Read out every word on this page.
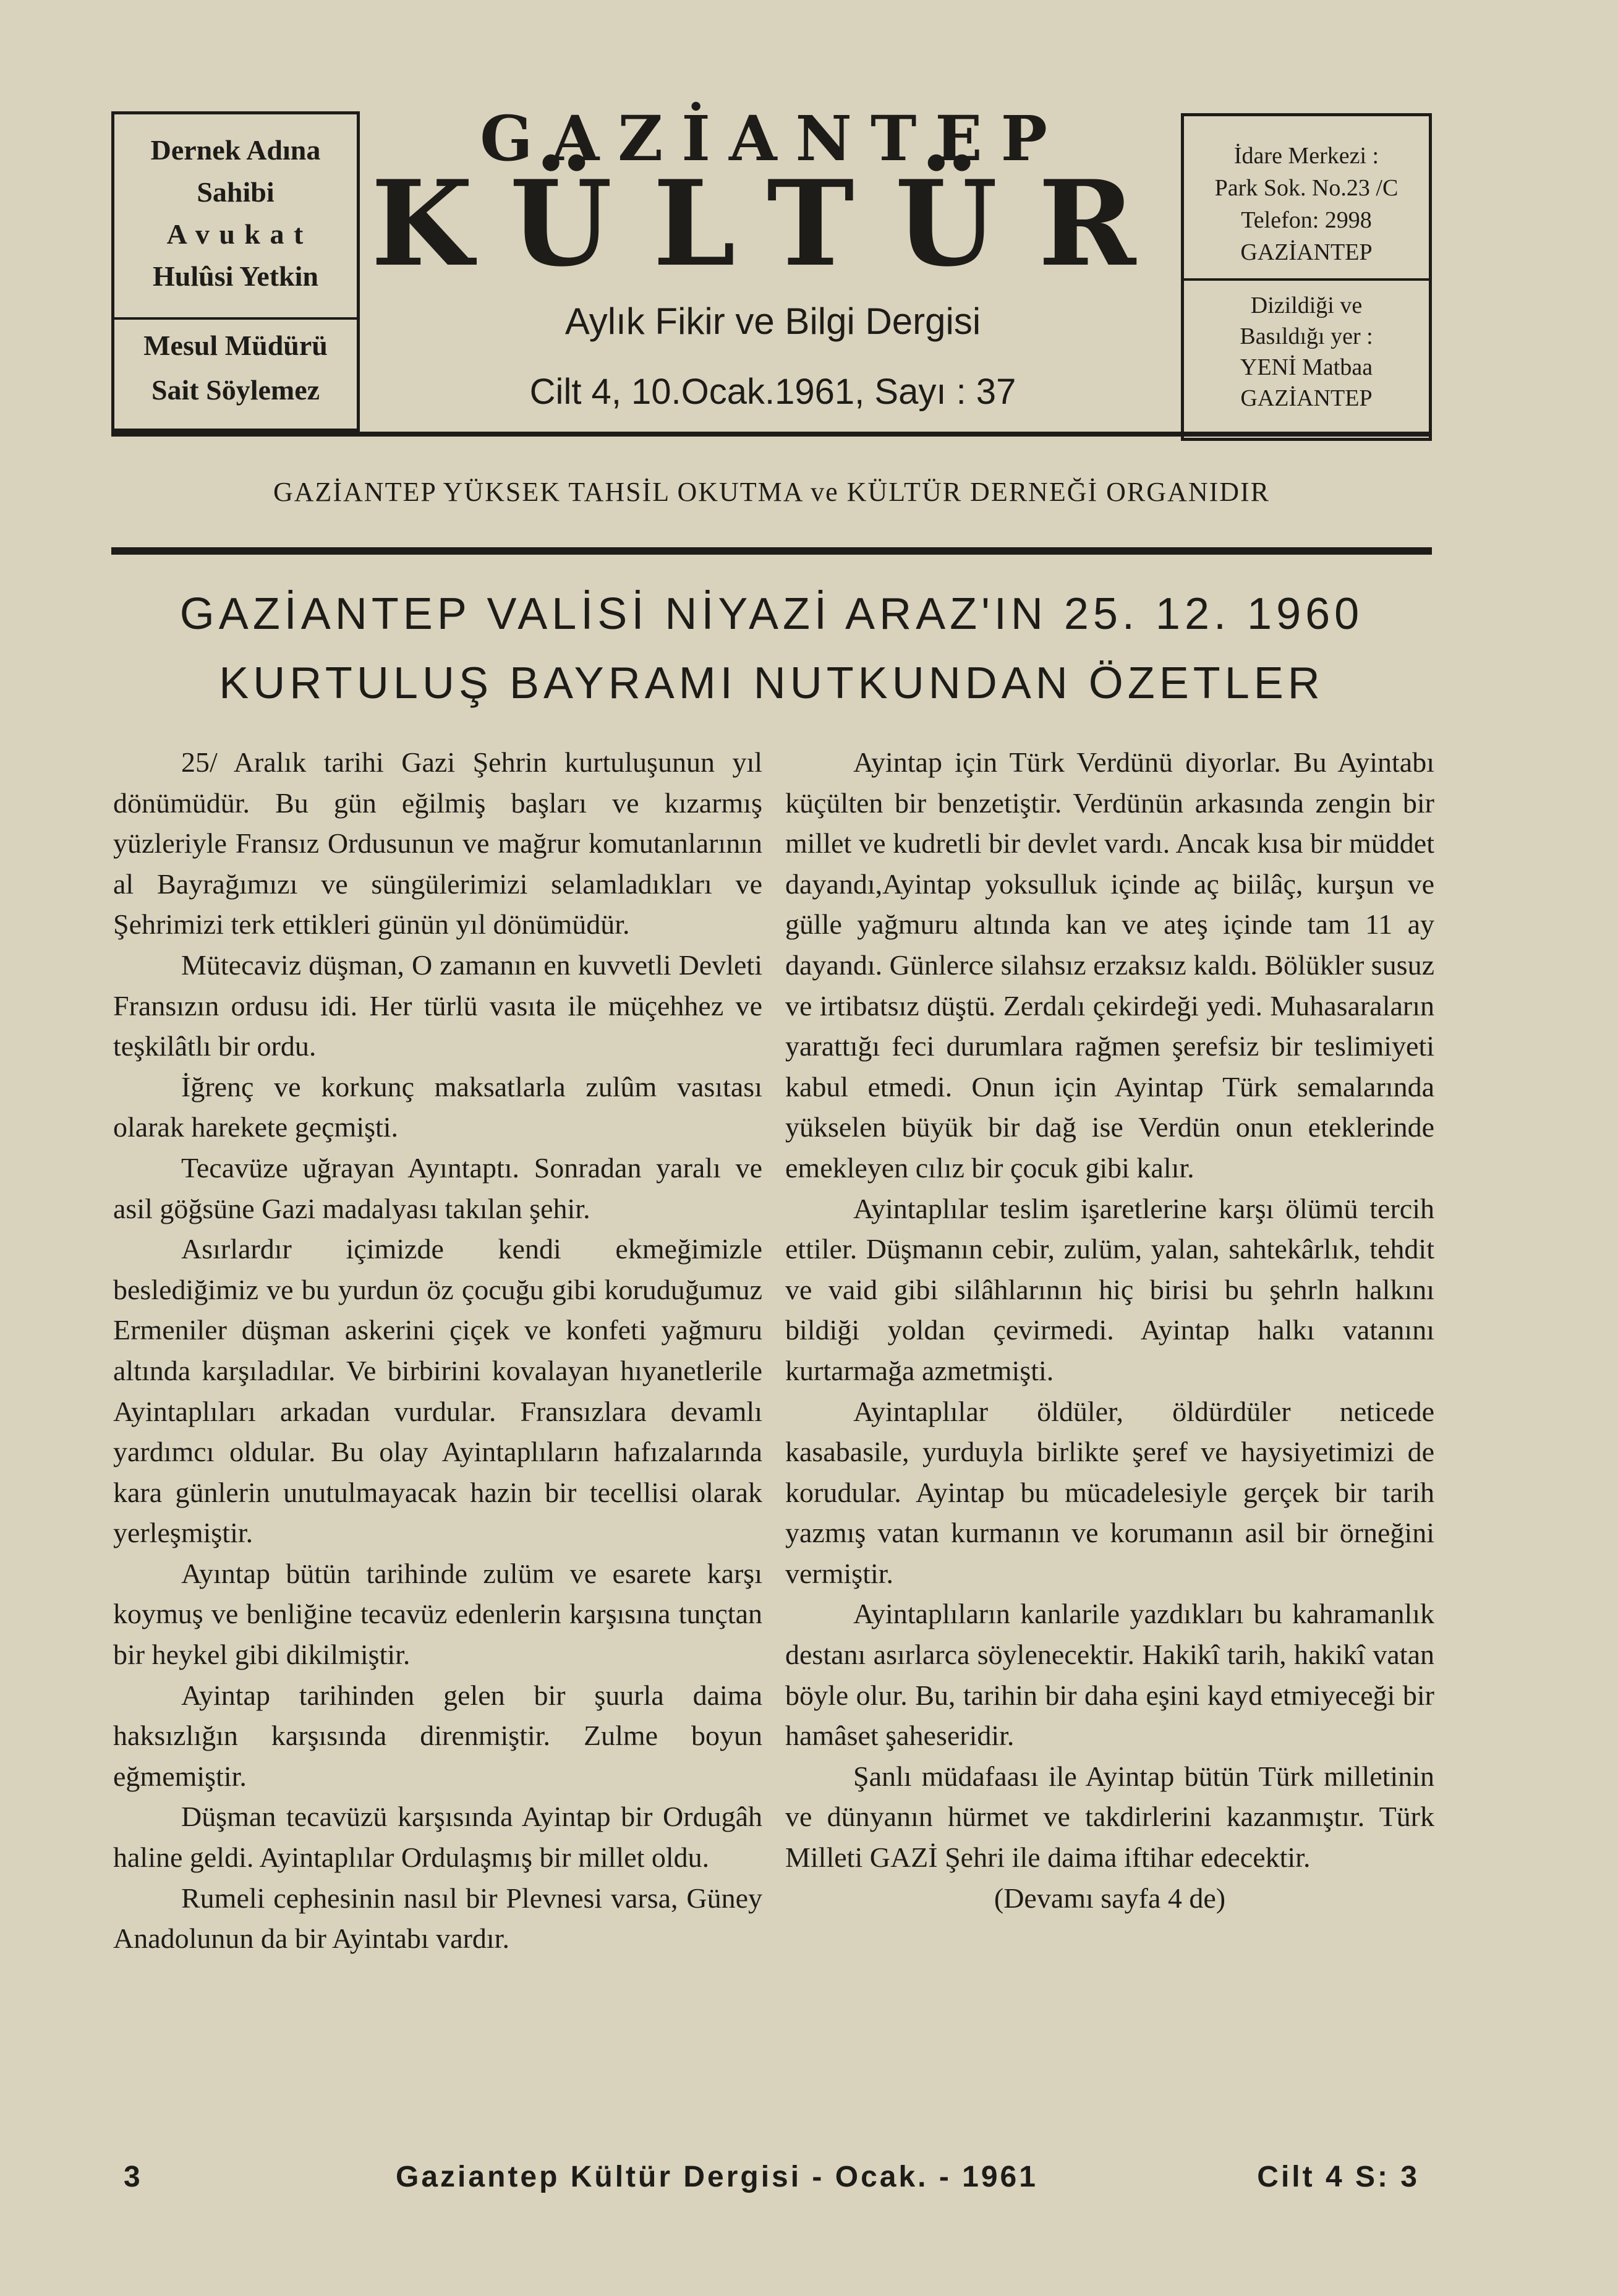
Dernek Adına
Sahibi
A v u k a t
Hulûsi Yetkin
Mesul Müdürü
Sait Söylemez
GAZİANTEP
KÜLTÜR
Aylık Fikir ve Bilgi Dergisi
Cilt 4, 10.Ocak.1961, Sayı : 37
İdare Merkezi :
Park Sok. No.23 /C
Telefon: 2998
GAZİANTEP
Dizildiği ve
Basıldığı yer :
YENİ Matbaa
GAZİANTEP
GAZİANTEP YÜKSEK TAHSİL OKUTMA ve KÜLTÜR DERNEĞİ ORGANIDIR
GAZİANTEP VALİSİ NİYAZİ ARAZ'IN 25. 12. 1960
KURTULUŞ BAYRAMI NUTKUNDAN ÖZETLER

25/ Aralık tarihi Gazi Şehrin kurtuluşunun yıl dönümüdür. Bu gün eğilmiş başları ve kızarmış yüzleriyle Fransız Ordusunun ve mağrur komutanlarının al Bayrağımızı ve süngülerimizi selamladıkları ve Şehrimizi terk ettikleri günün yıl dönümüdür.

Mütecaviz düşman, O zamanın en kuvvetli Devleti Fransızın ordusu idi. Her türlü vasıta ile müçehhez ve teşkilâtlı bir ordu.

İğrenç ve korkunç maksatlarla zulûm vasıtası olarak harekete geçmişti.

Tecavüze uğrayan Ayıntaptı. Sonradan yaralı ve asil göğsüne Gazi madalyası takılan şehir.

Asırlardır içimizde kendi ekmeğimizle beslediğimiz ve bu yurdun öz çocuğu gibi koruduğumuz Ermeniler düşman askerini çiçek ve konfeti yağmuru altında karşıladılar. Ve birbirini kovalayan hıyanetlerile Ayintaplıları arkadan vurdular. Fransızlara devamlı yardımcı oldular. Bu olay Ayintaplıların hafızalarında kara günlerin unutulmayacak hazin bir tecellisi olarak yerleşmiştir.

Ayıntap bütün tarihinde zulüm ve esarete karşı koymuş ve benliğine tecavüz edenlerin karşısına tunçtan bir heykel gibi dikilmiştir.

Ayintap tarihinden gelen bir şuurla daima haksızlığın karşısında direnmiştir. Zulme boyun eğmemiştir.

Düşman tecavüzü karşısında Ayintap bir Ordugâh haline geldi. Ayintaplılar Ordulaşmış bir millet oldu.

Rumeli cephesinin nasıl bir Plevnesi varsa, Güney Anadolunun da bir Ayintabı vardır.

Ayintap için Türk Verdünü diyorlar. Bu Ayintabı küçülten bir benzetiştir. Verdünün arkasında zengin bir millet ve kudretli bir devlet vardı. Ancak kısa bir müddet dayandı,Ayintap yoksulluk içinde aç biilâç, kurşun ve gülle yağmuru altında kan ve ateş içinde tam 11 ay dayandı. Günlerce silahsız erzaksız kaldı. Bölükler susuz ve irtibatsız düştü. Zerdalı çekirdeği yedi. Muhasaraların yarattığı feci durumlara rağmen şerefsiz bir teslimiyeti kabul etmedi. Onun için Ayintap Türk semalarında yükselen büyük bir dağ ise Verdün onun eteklerinde emekleyen cılız bir çocuk gibi kalır.

Ayintaplılar teslim işaretlerine karşı ölümü tercih ettiler. Düşmanın cebir, zulüm, yalan, sahtekârlık, tehdit ve vaid gibi silâhlarının hiç birisi bu şehrln halkını bildiği yoldan çevirmedi. Ayintap halkı vatanını kurtarmağa azmetmişti.

Ayintaplılar öldüler, öldürdüler neticede kasabasile, yurduyla birlikte şeref ve haysiyetimizi de korudular. Ayintap bu mücadelesiyle gerçek bir tarih yazmış vatan kurmanın ve korumanın asil bir örneğini vermiştir.

Ayintaplıların kanlarile yazdıkları bu kahramanlık destanı asırlarca söylenecektir. Hakikî tarih, hakikî vatan böyle olur. Bu, tarihin bir daha eşini kayd etmiyeceği bir hamâset şaheseridir.

Şanlı müdafaası ile Ayintap bütün Türk milletinin ve dünyanın hürmet ve takdirlerini kazanmıştır. Türk Milleti GAZİ Şehri ile daima iftihar edecektir.

(Devamı sayfa 4 de)

3	Gaziantep Kültür Dergisi - Ocak. - 1961	Cilt 4 S: 3
